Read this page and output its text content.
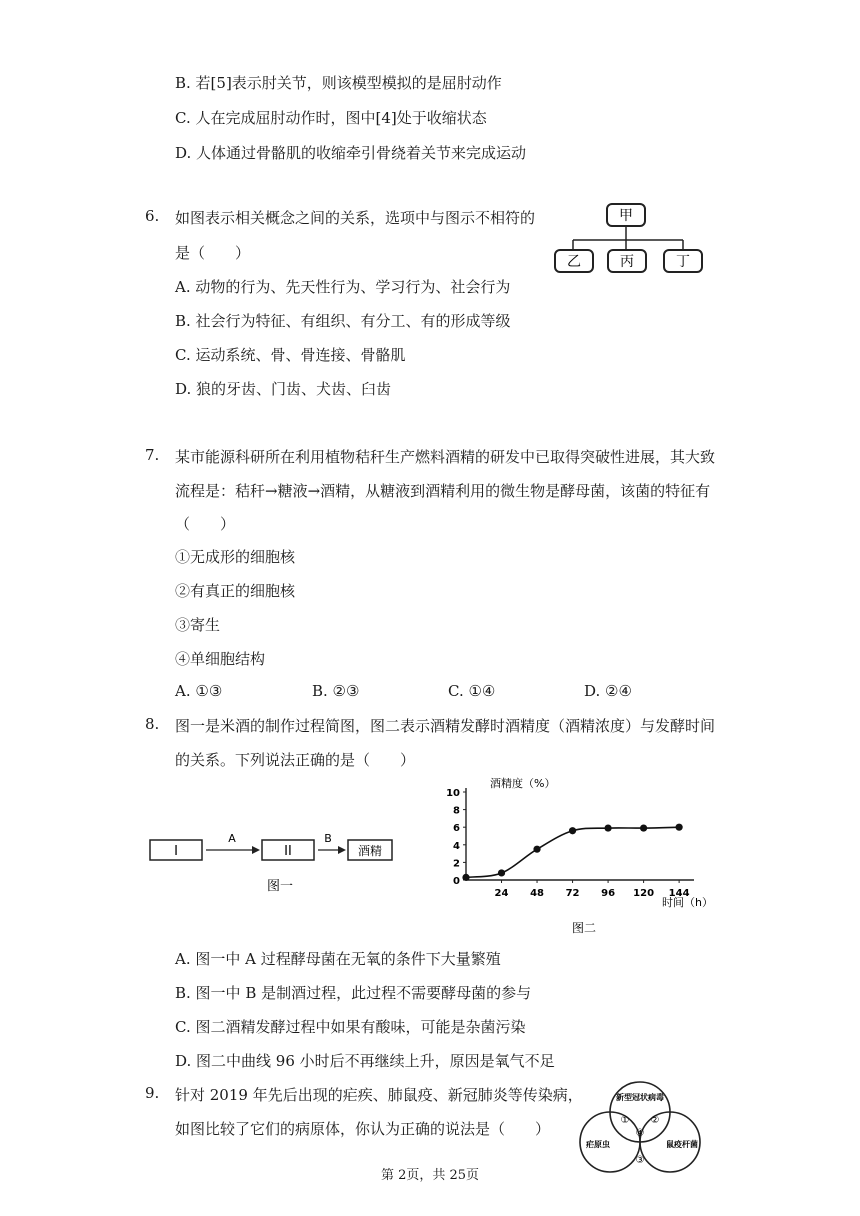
B. 若[5]表示肘关节，则该模型模拟的是屈肘动作
C. 人在完成屈肘动作时，图中[4]处于收缩状态
D. 人体通过骨骼肌的收缩牵引骨绕着关节来完成运动
6. 如图表示相关概念之间的关系，选项中与图示不相符的
是（　　）
A. 动物的行为、先天性行为、学习行为、社会行为
B. 社会行为特征、有组织、有分工、有的形成等级
C. 运动系统、骨、骨连接、骨骼肌
D. 狼的牙齿、门齿、犬齿、臼齿
甲
乙	丙	丁
7. 某市能源科研所在利用植物秸秆生产燃料酒精的研发中已取得突破性进展，其大致
流程是：秸秆→糖液→酒精，从糖液到酒精利用的微生物是酵母菌，该菌的特征有
（　　）
①无成形的细胞核
②有真正的细胞核
③寄生
④单细胞结构
A. ①③	B. ②③	C. ①④	D. ②④
8. 图一是米酒的制作过程简图，图二表示酒精发酵时酒精度（酒精浓度）与发酵时间
的关系。下列说法正确的是（　　）
I
A
II
B
酒精
图一	0
2
4
6
8
10
24 48 72 96 120 144
酒精度（%）
时间（h）
图二
A. 图一中 A 过程酵母菌在无氧的条件下大量繁殖
B. 图一中 B 是制酒过程，此过程不需要酵母菌的参与
C. 图二酒精发酵过程中如果有酸味，可能是杂菌污染
D. 图二中曲线 96 小时后不再继续上升，原因是氧气不足
9. 针对 2019 年先后出现的疟疾、肺鼠疫、新冠肺炎等传染病，
如图比较了它们的病原体，你认为正确的说法是（　　）
新型冠状病毒
疟原虫	鼠疫杆菌
① ②
③
④
第 2页，共 25页
